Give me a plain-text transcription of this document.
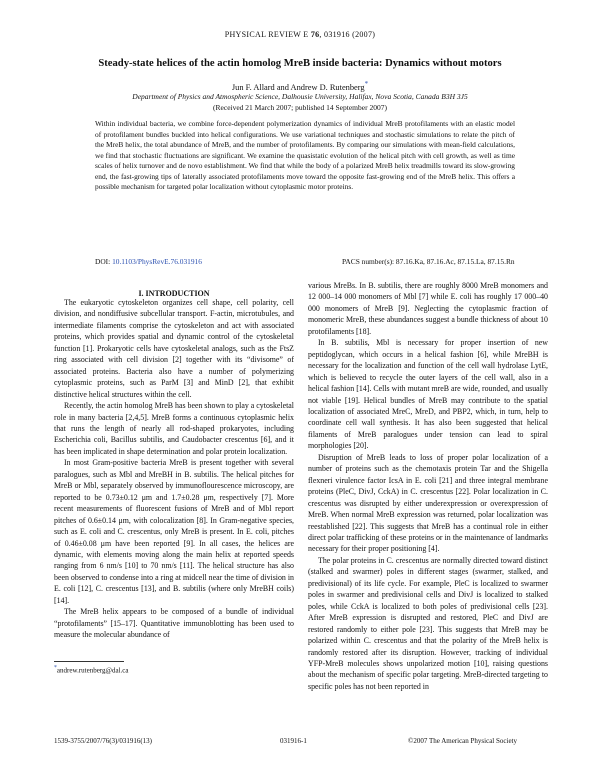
PHYSICAL REVIEW E 76, 031916 (2007)
Steady-state helices of the actin homolog MreB inside bacteria: Dynamics without motors
Jun F. Allard and Andrew D. Rutenberg*
Department of Physics and Atmospheric Science, Dalhousie University, Halifax, Nova Scotia, Canada B3H 3J5
(Received 21 March 2007; published 14 September 2007)
Within individual bacteria, we combine force-dependent polymerization dynamics of individual MreB protofilaments with an elastic model of protofilament bundles buckled into helical configurations. We use variational techniques and stochastic simulations to relate the pitch of the MreB helix, the total abundance of MreB, and the number of protofilaments. By comparing our simulations with mean-field calculations, we find that stochastic fluctuations are significant. We examine the quasistatic evolution of the helical pitch with cell growth, as well as time scales of helix turnover and de novo establishment. We find that while the body of a polarized MreB helix treadmills toward its slow-growing end, the fast-growing tips of laterally associated protofilaments move toward the opposite fast-growing end of the MreB helix. This offers a possible mechanism for targeted polar localization without cytoplasmic motor proteins.
DOI: 10.1103/PhysRevE.76.031916	PACS number(s): 87.16.Ka, 87.16.Ac, 87.15.La, 87.15.Rn
I. INTRODUCTION

The eukaryotic cytoskeleton organizes cell shape, cell polarity, cell division, and nondiffusive subcellular transport. F-actin, microtubules, and intermediate filaments comprise the cytoskeleton and act with associated proteins, which provides spatial and dynamic control of the cytoskeletal function [1]. Prokaryotic cells have cytoskeletal analogs, such as the FtsZ ring associated with cell division [2] together with its “divisome” of associated proteins. Bacteria also have a number of polymerizing cytoplasmic proteins, such as ParM [3] and MinD [2], that exhibit distinctive helical structures within the cell.

Recently, the actin homolog MreB has been shown to play a cytoskeletal role in many bacteria [2,4,5]. MreB forms a continuous cytoplasmic helix that runs the length of nearly all rod-shaped prokaryotes, including Escherichia coli, Bacillus subtilis, and Caudobacter crescentus [6], and it has been implicated in shape determination and polar protein localization.

In most Gram-positive bacteria MreB is present together with several paralogues, such as Mbl and MreBH in B. subtilis. The helical pitches for MreB or Mbl, separately observed by immunoflourescence microscopy, are reported to be 0.73±0.12 μm and 1.7±0.28 μm, respectively [7]. More recent measurements of fluorescent fusions of MreB and of Mbl report pitches of 0.6±0.14 μm, with colocalization [8]. In Gram-negative species, such as E. coli and C. crescentus, only MreB is present. In E. coli, pitches of 0.46±0.08 μm have been reported [9]. In all cases, the helices are dynamic, with elements moving along the main helix at reported speeds ranging from 6 nm/s [10] to 70 nm/s [11]. The helical structure has also been observed to condense into a ring at midcell near the time of division in E. coli [12], C. crescentus [13], and B. subtilis (where only MreBH coils) [14].

The MreB helix appears to be composed of a bundle of individual “protofilaments” [15–17]. Quantitative immunoblotting has been used to measure the molecular abundance of

various MreBs. In B. subtilis, there are roughly 8000 MreB monomers and 12 000–14 000 monomers of Mbl [7] while E. coli has roughly 17 000–40 000 monomers of MreB [9]. Neglecting the cytoplasmic fraction of monomeric MreB, these abundances suggest a bundle thickness of about 10 protofilaments [18].

In B. subtilis, Mbl is necessary for proper insertion of new peptidoglycan, which occurs in a helical fashion [6], while MreBH is necessary for the localization and function of the cell wall hydrolase LytE, which is believed to recycle the outer layers of the cell wall, also in a helical fashion [14]. Cells with mutant mreB are wide, rounded, and usually not viable [19]. Helical bundles of MreB may contribute to the spatial localization of associated MreC, MreD, and PBP2, which, in turn, help to coordinate cell wall synthesis. It has also been suggested that helical filaments of MreB paralogues under tension can lead to spiral morphologies [20].

Disruption of MreB leads to loss of proper polar localization of a number of proteins such as the chemotaxis protein Tar and the Shigella flexneri virulence factor IcsA in E. coli [21] and three integral membrane proteins (PleC, DivJ, CckA) in C. crescentus [22]. Polar localization in C. crescentus was disrupted by either underexpression or overexpression of MreB. When normal MreB expression was returned, polar localization was reestablished [22]. This suggests that MreB has a continual role in either direct polar trafficking of these proteins or in the maintenance of landmarks necessary for their proper positioning [4].

The polar proteins in C. crescentus are normally directed toward distinct (stalked and swarmer) poles in different stages (swarmer, stalked, and predivisional) of its life cycle. For example, PleC is localized to swarmer poles in swarmer and predivisional cells and DivJ is localized to stalked poles, while CckA is localized to both poles of predivisional cells [23]. After MreB expression is disrupted and restored, PleC and DivJ are restored randomly to either pole [23]. This suggests that MreB may be polarized within C. crescentus and that the polarity of the MreB helix is randomly restored after its disruption. However, tracking of individual YFP-MreB molecules shows unpolarized motion [10], raising questions about the mechanism of specific polar targeting. MreB-directed targeting to specific poles has not been reported in

*andrew.rutenberg@dal.ca
1539-3755/2007/76(3)/031916(13)	031916-1	©2007 The American Physical Society
